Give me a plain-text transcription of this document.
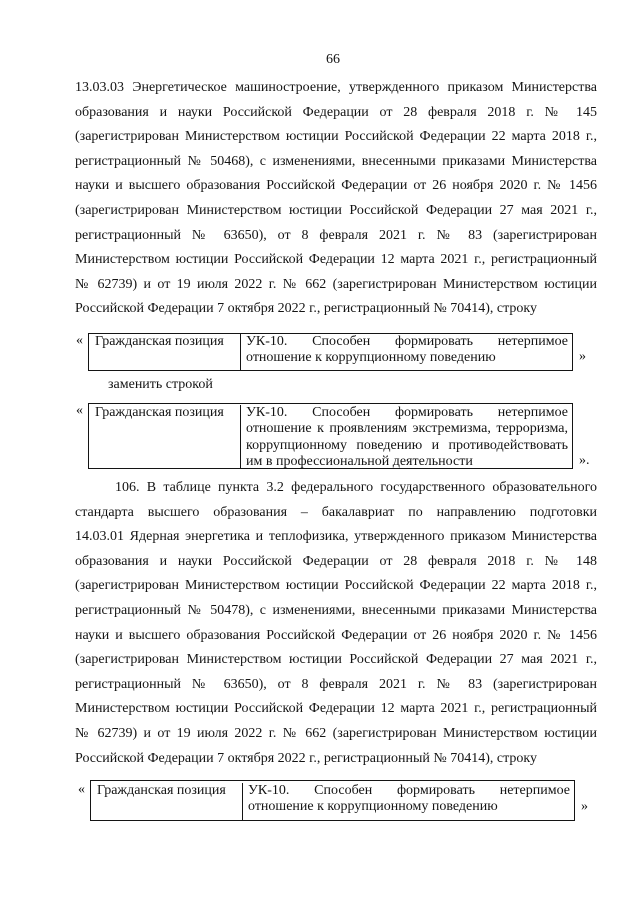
66
13.03.03 Энергетическое машиностроение, утвержденного приказом Министерства
образования и науки Российской Федерации от 28 февраля 2018 г. № 145
(зарегистрирован Министерством юстиции Российской Федерации 22 марта 2018 г.,
регистрационный № 50468), с изменениями, внесенными приказами Министерства
науки и высшего образования Российской Федерации от 26 ноября 2020 г. № 1456
(зарегистрирован Министерством юстиции Российской Федерации 27 мая 2021 г.,
регистрационный № 63650), от 8 февраля 2021 г. № 83 (зарегистрирован
Министерством юстиции Российской Федерации 12 марта 2021 г., регистрационный
№ 62739) и от 19 июля 2022 г. № 662 (зарегистрирован Министерством юстиции
Российской Федерации 7 октября 2022 г., регистрационный № 70414), строку
« Гражданская позиция	УК-10. Способен формировать нетерпимое
отношение к коррупционному поведению	»
заменить строкой
« Гражданская позиция	УК-10. Способен формировать нетерпимое
отношение к проявлениям экстремизма, терроризма,
коррупционному поведению и противодействовать
им в профессиональной деятельности	».
106. В таблице пункта 3.2 федерального государственного образовательного
стандарта высшего образования – бакалавриат по направлению подготовки
14.03.01 Ядерная энергетика и теплофизика, утвержденного приказом Министерства
образования и науки Российской Федерации от 28 февраля 2018 г. № 148
(зарегистрирован Министерством юстиции Российской Федерации 22 марта 2018 г.,
регистрационный № 50478), с изменениями, внесенными приказами Министерства
науки и высшего образования Российской Федерации от 26 ноября 2020 г. № 1456
(зарегистрирован Министерством юстиции Российской Федерации 27 мая 2021 г.,
регистрационный № 63650), от 8 февраля 2021 г. № 83 (зарегистрирован
Министерством юстиции Российской Федерации 12 марта 2021 г., регистрационный
№ 62739) и от 19 июля 2022 г. № 662 (зарегистрирован Министерством юстиции
Российской Федерации 7 октября 2022 г., регистрационный № 70414), строку
« Гражданская позиция	УК-10. Способен формировать нетерпимое
отношение к коррупционному поведению	»
